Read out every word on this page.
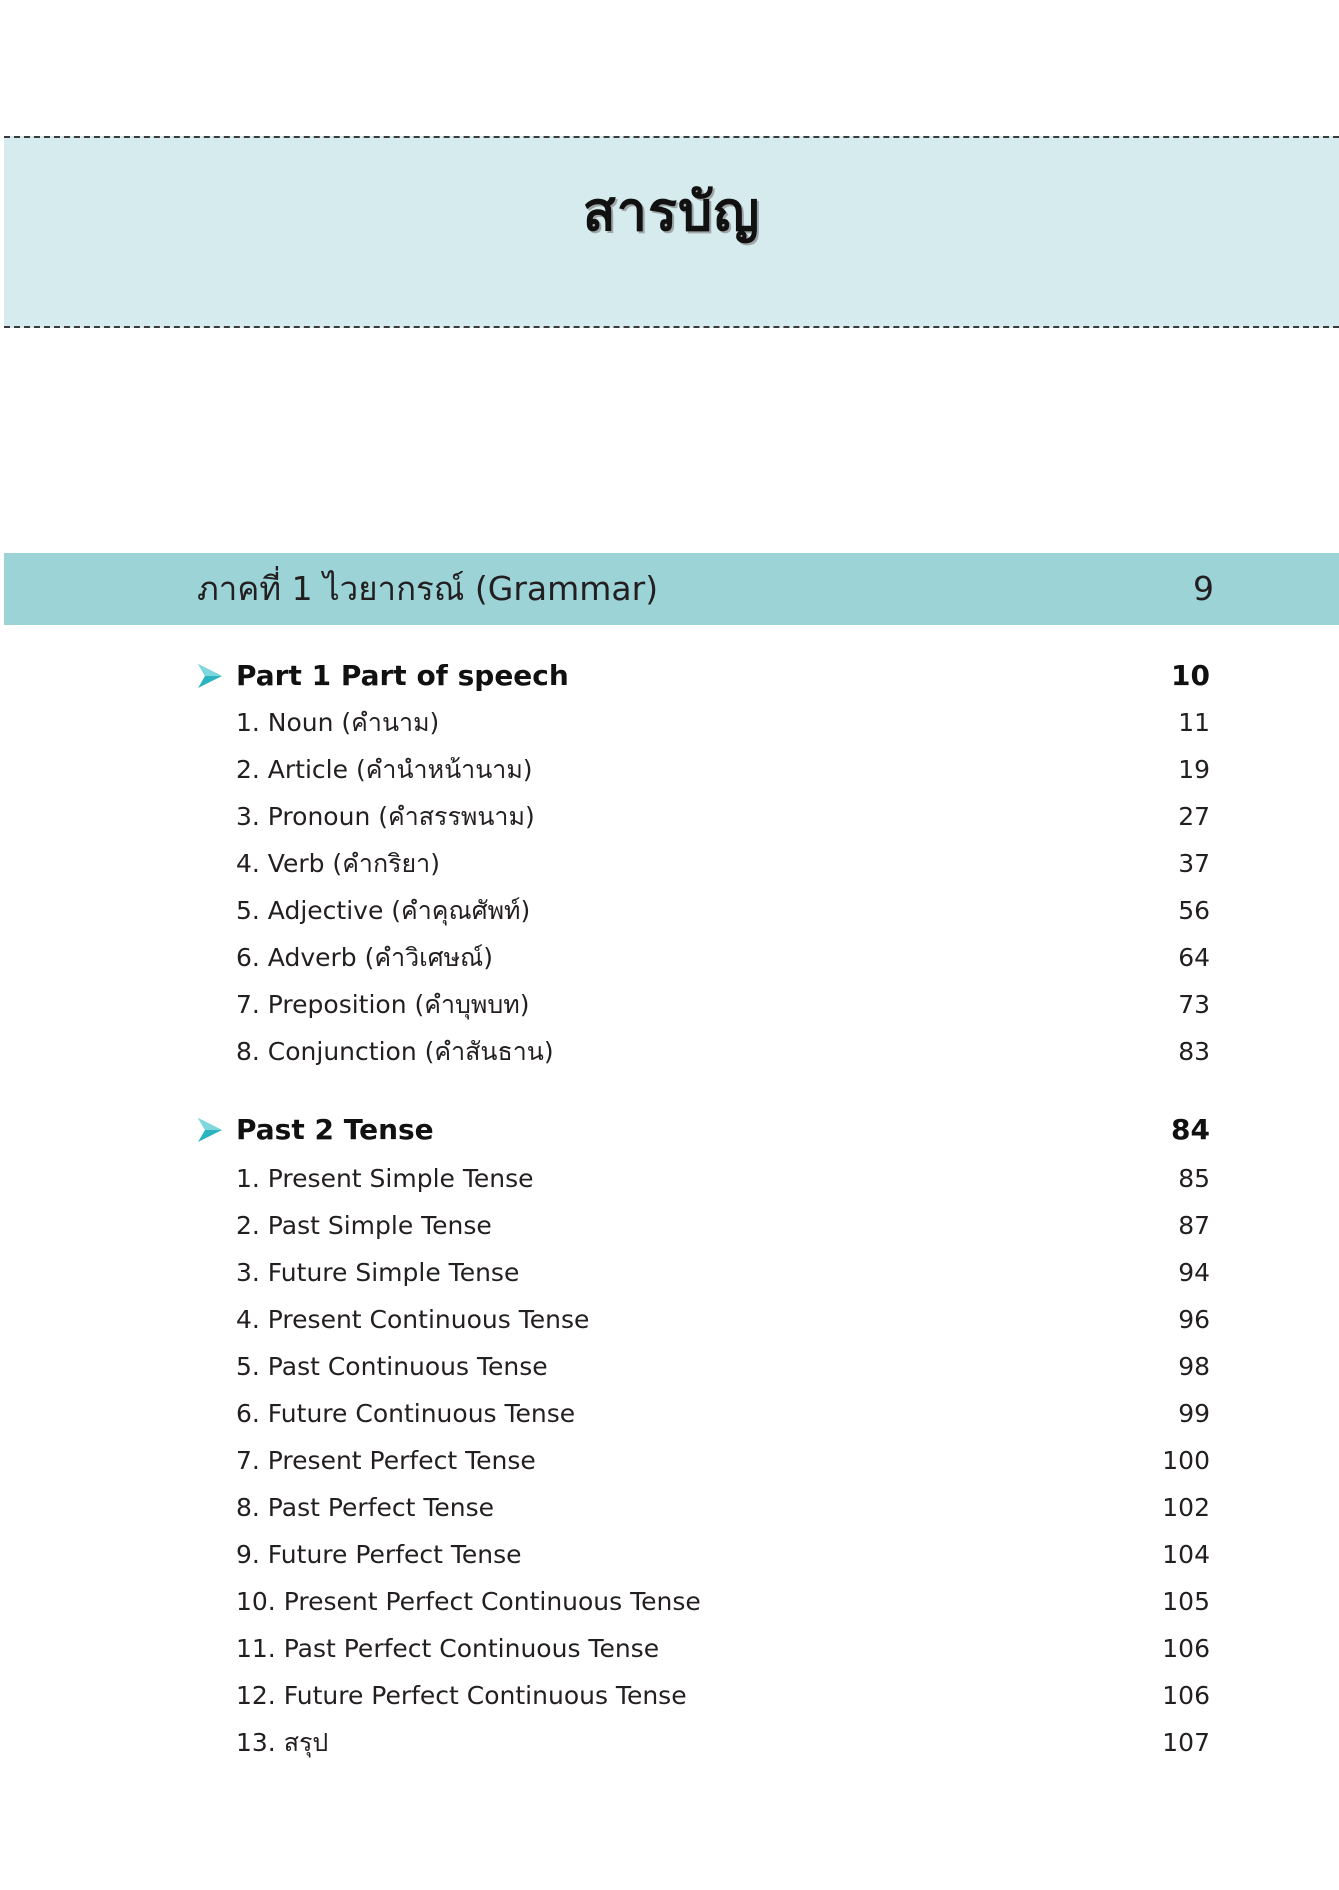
สารบัญ
ภาคที่ 1 ไวยากรณ์ (Grammar)	9
Part 1 Part of speech	10
1. Noun (คำนาม)	11
2. Article (คำนำหน้านาม)	19
3. Pronoun (คำสรรพนาม)	27
4. Verb (คำกริยา)	37
5. Adjective (คำคุณศัพท์)	56
6. Adverb (คำวิเศษณ์)	64
7. Preposition (คำบุพบท)	73
8. Conjunction (คำสันธาน)	83
Past 2 Tense	84
1. Present Simple Tense	85
2. Past Simple Tense	87
3. Future Simple Tense	94
4. Present Continuous Tense	96
5. Past Continuous Tense	98
6. Future Continuous Tense	99
7. Present Perfect Tense	100
8. Past Perfect Tense	102
9. Future Perfect Tense	104
10. Present Perfect Continuous Tense	105
11. Past Perfect Continuous Tense	106
12. Future Perfect Continuous Tense	106
13. สรุป	107
